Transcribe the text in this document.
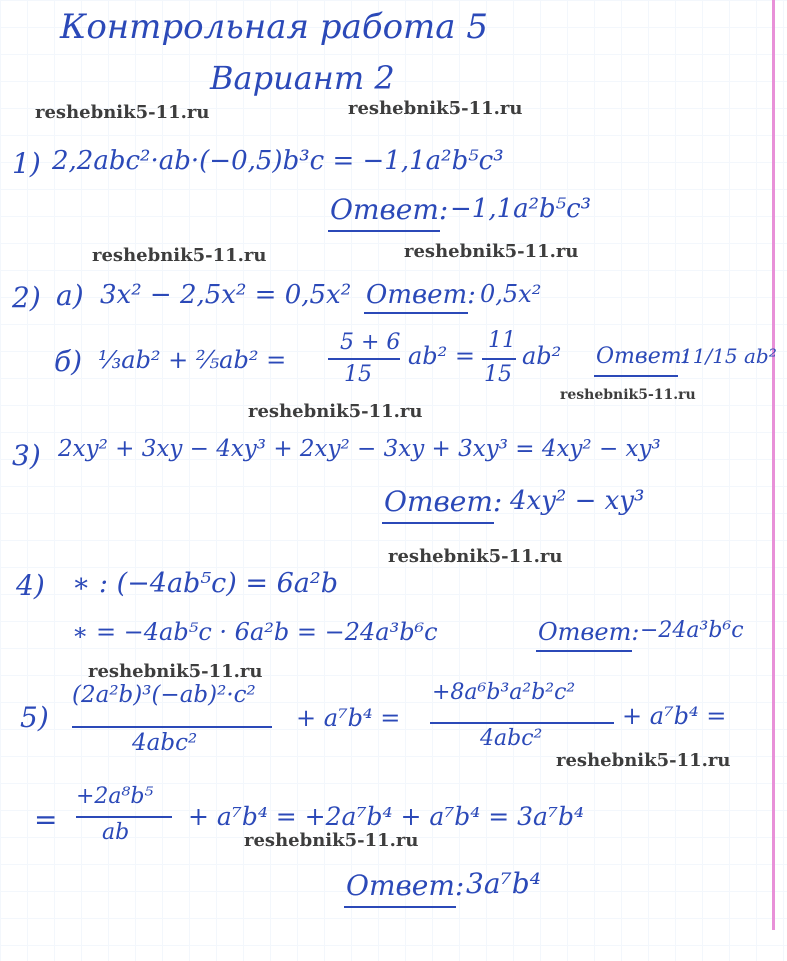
Контрольная работа 5
Вариант 2
reshebnik5-11.ru	reshebnik5-11.ru
reshebnik5-11.ru	reshebnik5-11.ru
reshebnik5-11.ru
reshebnik5-11.ru
reshebnik5-11.ru
reshebnik5-11.ru
reshebnik5-11.ru
reshebnik5-11.ru
1) 2,2abc²·ab·(−0,5)b³c = −1,1a²b⁵c³
Ответ: −1,1a²b⁵c³
2) a) 3x² − 2,5x² = 0,5x² Ответ: 0,5x²
б) ⅓ab² + ⅖ab² =
5 + 6
15
ab² =
11
15
ab² Ответ:
11/15 ab²
3) 2xy² + 3xy − 4xy³ + 2xy² − 3xy + 3xy³ = 4xy² − xy³
Ответ: 4xy² − xy³
4) ∗ : (−4ab⁵c) = 6a²b
∗ = −4ab⁵c · 6a²b = −24a³b⁶c	Ответ: −24a³b⁶c
5)
(2a²b)³(−ab)²·c²
4abc²
+ a⁷b⁴ =
+8a⁶b³a²b²c²
4abc²
+ a⁷b⁴ =
=
+2a⁸b⁵
ab
+ a⁷b⁴ = +2a⁷b⁴ + a⁷b⁴ = 3a⁷b⁴
Ответ: 3a⁷b⁴
